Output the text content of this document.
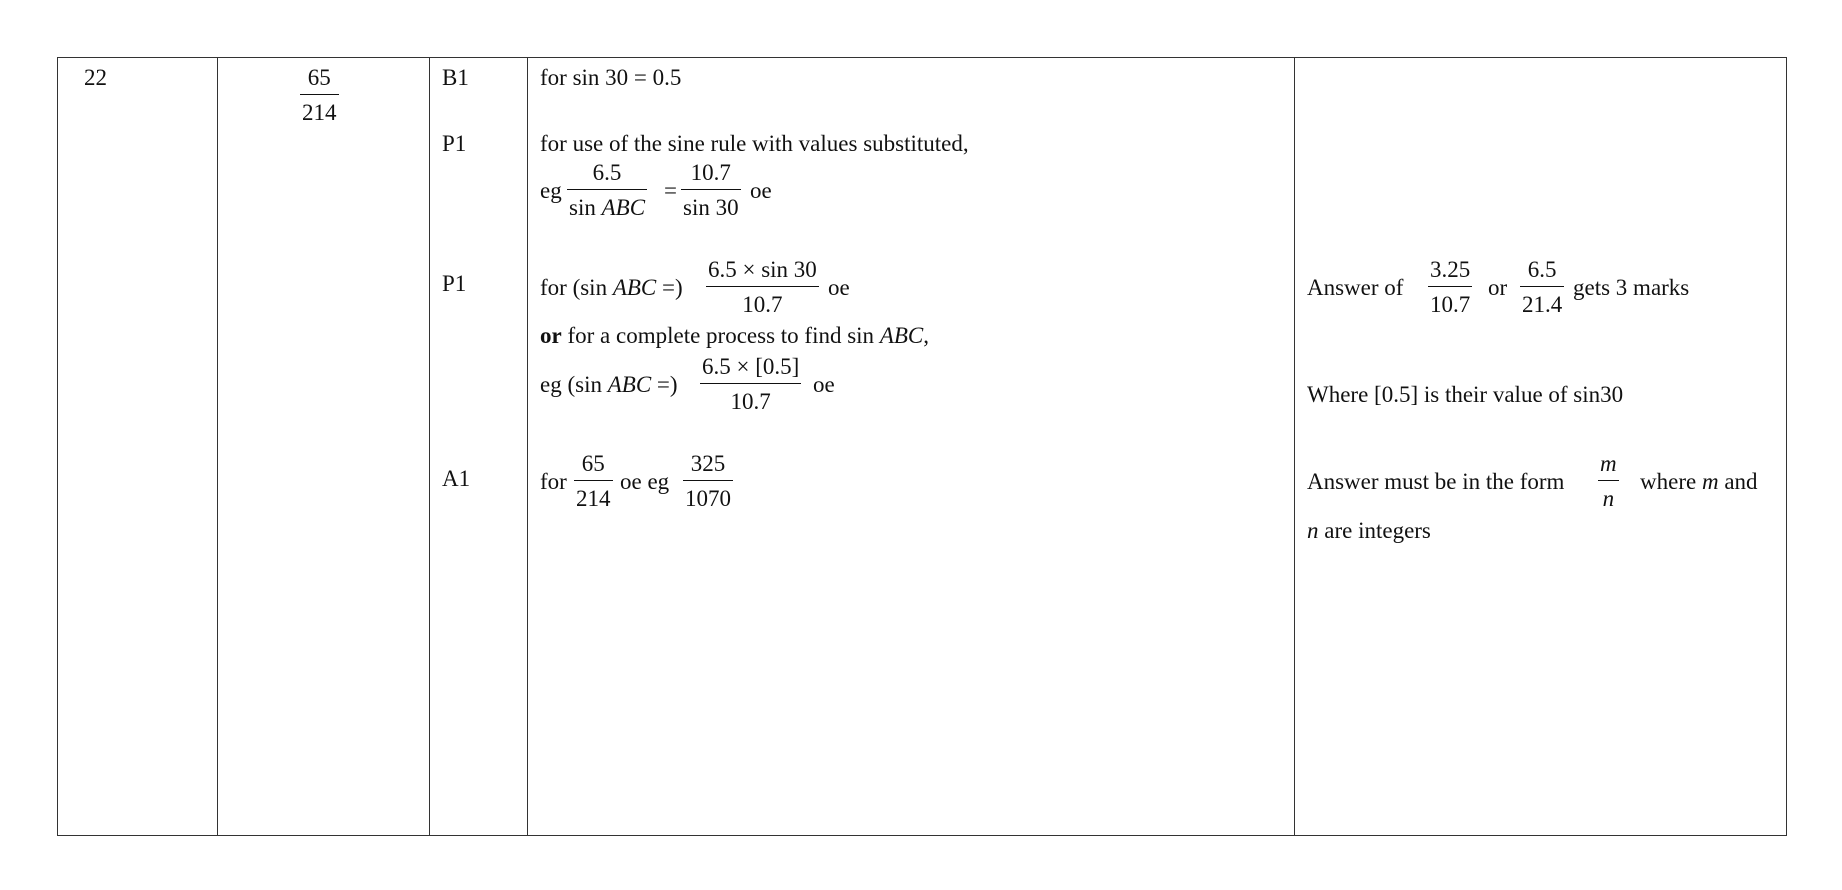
22	$\frac{65}{214}$	B1
P1
P1
A1
for sin 30 = 0.5
for use of the sine rule with values substituted,
eg
6.5
sin ABC
= $\frac{10.7}{\sin 30}$ oe
for (sin ABC =) $\frac{6.5 \times \sin 30}{10.7}$ oe
or for a complete process to find sin ABC,
eg (sin ABC =) $\frac{6.5 \times [0.5]}{10.7}$ oe
for $\frac{65}{214}$ oe eg $\frac{325}{1070}$
Answer of $\frac{3.25}{10.7}$ or $\frac{6.5}{21.4}$ gets 3 marks
Where [0.5] is their value of sin30
Answer must be in the form $\frac{m}{n}$ where m and
n are integers
